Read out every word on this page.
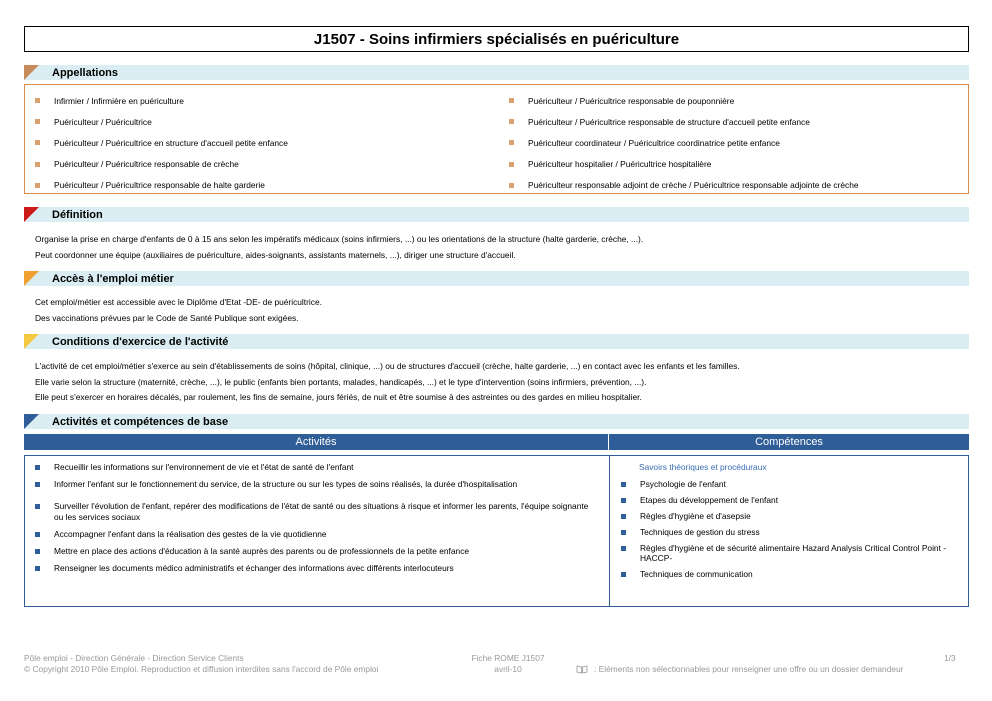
J1507 - Soins infirmiers spécialisés en puériculture
Appellations
Infirmier / Infirmière en puériculture
Puériculteur / Puéricultrice
Puériculteur / Puéricultrice en structure d'accueil petite enfance
Puériculteur / Puéricultrice responsable de crèche
Puériculteur / Puéricultrice responsable de halte garderie
Puériculteur / Puéricultrice responsable de pouponnière
Puériculteur / Puéricultrice responsable de structure d'accueil petite enfance
Puériculteur coordinateur / Puéricultrice coordinatrice petite enfance
Puériculteur hospitalier / Puéricultrice hospitalière
Puériculteur responsable adjoint de crèche / Puéricultrice responsable adjointe de crèche
Définition
Organise la prise en charge d'enfants de 0 à 15 ans selon les impératifs médicaux (soins infirmiers, ...) ou les orientations de la structure (halte garderie, crèche, ...).
Peut coordonner une équipe (auxiliaires de puériculture, aides-soignants, assistants maternels, ...), diriger une structure d'accueil.
Accès à l'emploi métier
Cet emploi/métier est accessible avec le Diplôme d'Etat -DE- de puéricultrice.
Des vaccinations prévues par le Code de Santé Publique sont exigées.
Conditions d'exercice de l'activité
L'activité de cet emploi/métier s'exerce au sein d'établissements de soins (hôpital, clinique, ...) ou de structures d'accueil (crèche, halte garderie, ...) en contact avec les enfants et les familles.
Elle varie selon la structure (maternité, crèche, ...), le public (enfants bien portants, malades, handicapés, ...) et le type d'intervention (soins infirmiers, prévention, ...).
Elle peut s'exercer en horaires décalés, par roulement, les fins de semaine, jours fériés, de nuit et être soumise à des astreintes ou des gardes en milieu hospitalier.
Activités et compétences de base
Activités	Compétences
Recueillir les informations sur l'environnement de vie et l'état de santé de l'enfant
Informer l'enfant sur le fonctionnement du service, de la structure ou sur les types de soins réalisés, la durée d'hospitalisation
Surveiller l'évolution de l'enfant, repérer des modifications de l'état de santé ou des situations à risque et informer les parents, l'équipe soignante ou les services sociaux
Accompagner l'enfant dans la réalisation des gestes de la vie quotidienne
Mettre en place des actions d'éducation à la santé auprès des parents ou de professionnels de la petite enfance
Renseigner les documents médico administratifs et échanger des informations avec différents interlocuteurs
Savoirs théoriques et procéduraux
Psychologie de l'enfant
Etapes du développement de l'enfant
Règles d'hygiène et d'asepsie
Techniques de gestion du stress
Règles d'hygiène et de sécurité alimentaire Hazard Analysis Critical Control Point -HACCP-
Techniques de communication
Pôle emploi - Direction Générale - Direction Service Clients
© Copyright 2010 Pôle Emploi. Reproduction et diffusion interdites sans l'accord de Pôle emploi
Fiche ROME J1507
avril-10	: Eléments non sélectionnables pour renseigner une offre ou un dossier demandeur
1/3
